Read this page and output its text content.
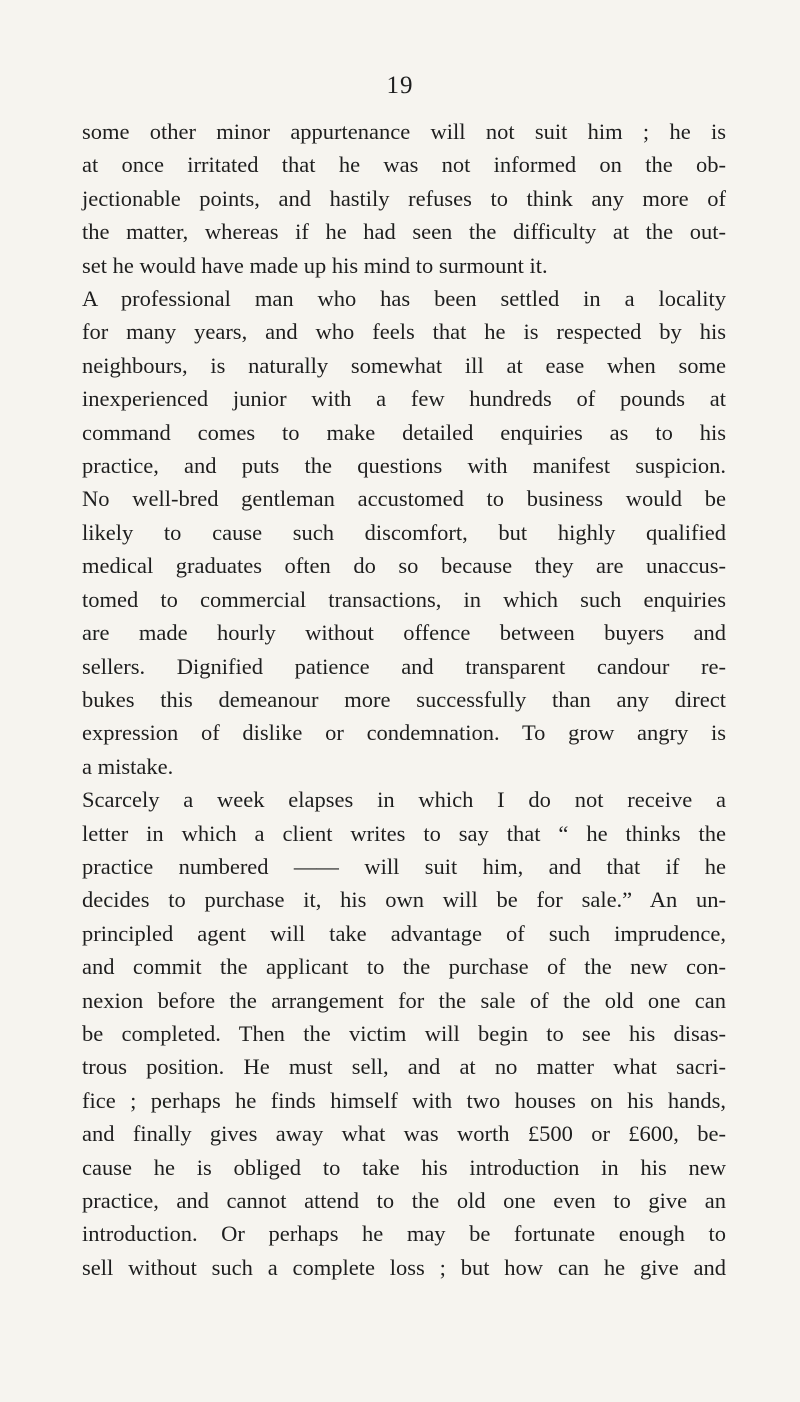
19
some other minor appurtenance will not suit him ; he is
at once irritated that he was not informed on the ob-
jectionable points, and hastily refuses to think any more of
the matter, whereas if he had seen the difficulty at the out-
set he would have made up his mind to surmount it.
A professional man who has been settled in a locality
for many years, and who feels that he is respected by his
neighbours, is naturally somewhat ill at ease when some
inexperienced junior with a few hundreds of pounds at
command comes to make detailed enquiries as to his
practice, and puts the questions with manifest suspicion.
No well-bred gentleman accustomed to business would be
likely to cause such discomfort, but highly qualified
medical graduates often do so because they are unaccus-
tomed to commercial transactions, in which such enquiries
are made hourly without offence between buyers and
sellers. Dignified patience and transparent candour re-
bukes this demeanour more successfully than any direct
expression of dislike or condemnation. To grow angry is
a mistake.
Scarcely a week elapses in which I do not receive a
letter in which a client writes to say that “ he thinks the
practice numbered —— will suit him, and that if he
decides to purchase it, his own will be for sale.” An un-
principled agent will take advantage of such imprudence,
and commit the applicant to the purchase of the new con-
nexion before the arrangement for the sale of the old one can
be completed. Then the victim will begin to see his disas-
trous position. He must sell, and at no matter what sacri-
fice ; perhaps he finds himself with two houses on his hands,
and finally gives away what was worth £500 or £600, be-
cause he is obliged to take his introduction in his new
practice, and cannot attend to the old one even to give an
introduction. Or perhaps he may be fortunate enough to
sell without such a complete loss ; but how can he give and
